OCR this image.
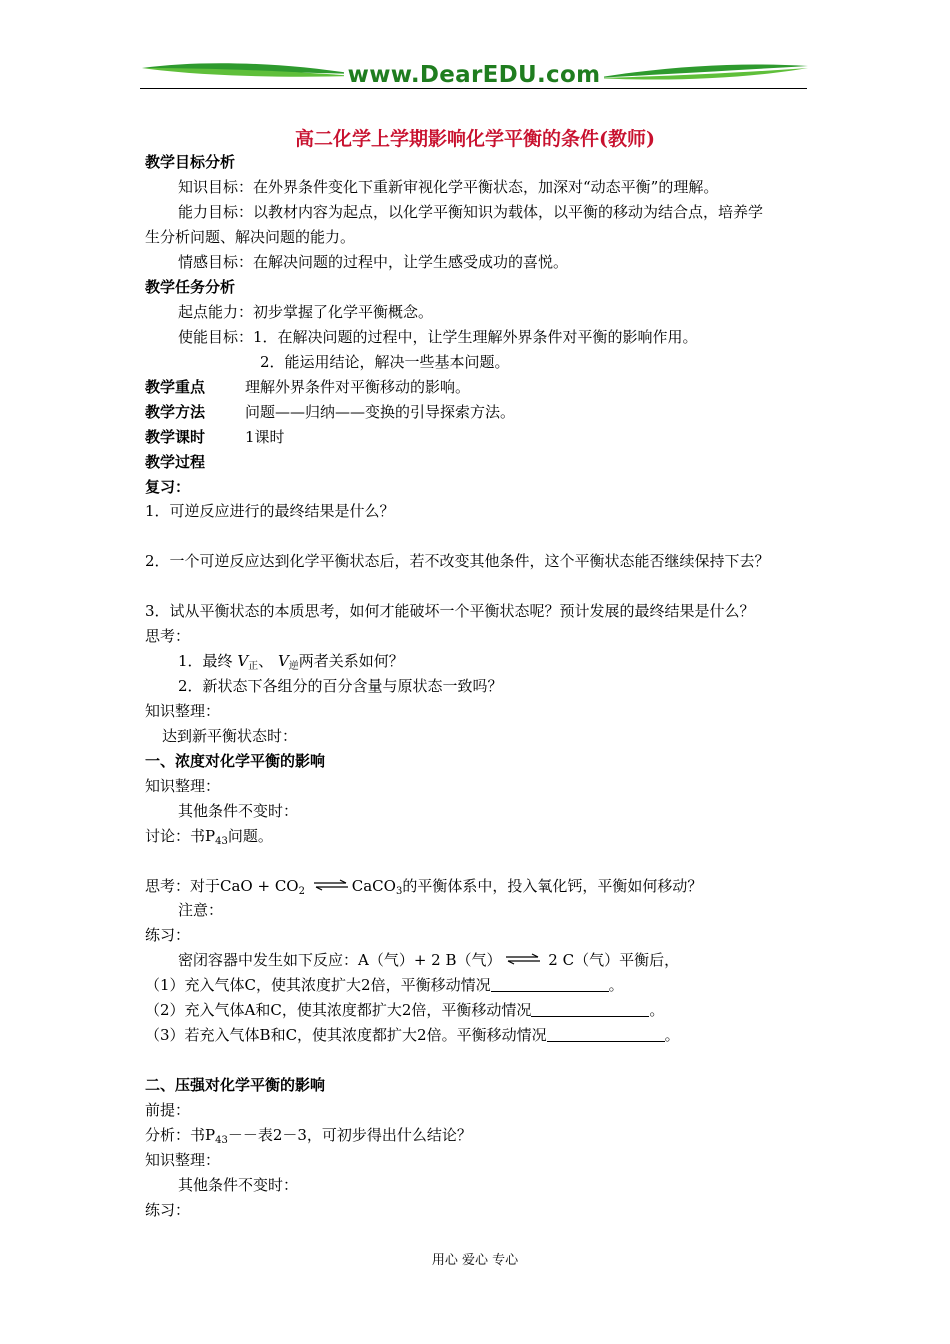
www.DearEDU.com
高二化学上学期影响化学平衡的条件(教师)
教学目标分析
知识目标：在外界条件变化下重新审视化学平衡状态，加深对“动态平衡”的理解。
能力目标：以教材内容为起点，以化学平衡知识为载体，以平衡的移动为结合点，培养学
生分析问题、解决问题的能力。
情感目标：在解决问题的过程中，让学生感受成功的喜悦。
教学任务分析
起点能力：初步掌握了化学平衡概念。
使能目标：1．在解决问题的过程中，让学生理解外界条件对平衡的影响作用。
2．能运用结论，解决一些基本问题。
教学重点	理解外界条件对平衡移动的影响。
教学方法	问题——归纳——变换的引导探索方法。
教学课时	1课时
教学过程
复习：
1．可逆反应进行的最终结果是什么？
2．一个可逆反应达到化学平衡状态后，若不改变其他条件，这个平衡状态能否继续保持下去？
3．试从平衡状态的本质思考，如何才能破坏一个平衡状态呢？预计发展的最终结果是什么？
思考：
1．最终 $V_正$、 $V_逆$两者关系如何？
2．新状态下各组分的百分含量与原状态一致吗？
知识整理：
达到新平衡状态时：
一、浓度对化学平衡的影响
知识整理：
其他条件不变时：
讨论：书$P_{43}$问题。
思考：对于CaO + $CO_2$ ⇌ CaCO$_3$的平衡体系中，投入氧化钙，平衡如何移动？
注意：
练习：
密闭容器中发生如下反应：A（气）+ 2 B（气） ⇌ 2 C（气）平衡后，
（1）充入气体C，使其浓度扩大2倍，平衡移动情况	。
（2）充入气体A和C，使其浓度都扩大2倍，平衡移动情况	。
（3）若充入气体B和C，使其浓度都扩大2倍。平衡移动情况	。
二、压强对化学平衡的影响
前提：
分析：书$P_{43}--$表2－3，可初步得出什么结论？
知识整理：
其他条件不变时：
练习：
用心 爱心 专心
